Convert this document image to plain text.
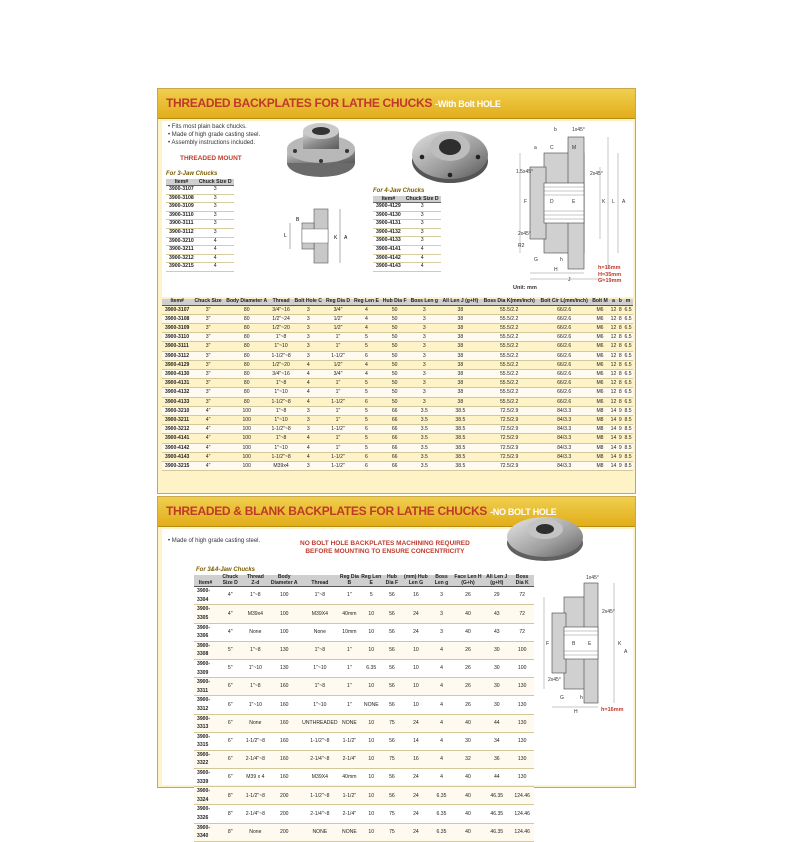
THREADED BACKPLATES FOR LATHE CHUCKS -With Bolt HOLE
• Fits most plain back chucks.
• Made of high grade casting steel.
• Assembly instructions included.
THREADED MOUNT
For 3-Jaw Chucks
Item#	Chuck Size D
3900-3107	3
3900-3108	3
3900-3109	3
3900-3110	3
3900-3111	3
3900-3112	3
3900-3210	4
3900-3211	4
3900-3212	4
3900-3215	4
A
K
L
B
For 4-Jaw Chucks
Item#	Chuck Size D
3900-4129	3
3900-4130	3
3900-4131	3
3900-4132	3
3900-4133	3
3900-4141	4
3900-4142	4
3900-4143	4
b	1x45°
a	C	M
1.5x45°	2x45°
F	D	E	K L A
2x45°
R2
G	h
H
J
h=16mm
H=35mm
G=19mm
Unit: mm
Item#	Chuck Size	Body Diameter A	Thread	Bolt Hole C	Reg Dia D	Reg Len E	Hub Dia F	Boss Len g	All Len J (g+H)	Boss Dia K(mm/inch)	Bolt Cir L(mm/inch)	Bolt M	a	b	m
3900-3107	3"	80	3/4"~16	3	3/4"	4	50	3	38	55.5/2.2	66/2.6	M6	12	8	6.5
3900-3108	3"	80	1/2"~24	3	1/2"	4	50	3	38	55.5/2.2	66/2.6	M6	12	8	6.5
3900-3109	3"	80	1/2"~20	3	1/2"	4	50	3	38	55.5/2.2	66/2.6	M6	12	8	6.5
3900-3110	3"	80	1"~8	3	1"	5	50	3	38	55.5/2.2	66/2.6	M6	12	8	6.5
3900-3111	3"	80	1"~10	3	1"	5	50	3	38	55.5/2.2	66/2.6	M6	12	8	6.5
3900-3112	3"	80	1-1/2"~8	3	1-1/2"	6	50	3	38	55.5/2.2	66/2.6	M6	12	8	6.5
3900-4129	3"	80	1/2"~20	4	1/2"	4	50	3	38	55.5/2.2	66/2.6	M6	12	8	6.5
3900-4130	3"	80	3/4"~16	4	3/4"	4	50	3	38	55.5/2.2	66/2.6	M6	12	8	6.5
3900-4131	3"	80	1"~8	4	1"	5	50	3	38	55.5/2.2	66/2.6	M6	12	8	6.5
3900-4132	3"	80	1"~10	4	1"	5	50	3	38	55.5/2.2	66/2.6	M6	12	8	6.5
3900-4133	3"	80	1-1/2"~8	4	1-1/2"	6	50	3	38	55.5/2.2	66/2.6	M6	12	8	6.5
3900-3210	4"	100	1"~8	3	1"	5	66	3.5	38.5	72.5/2.9	84/3.3	M8	14	9	8.5
3900-3211	4"	100	1"~10	3	1"	5	66	3.5	38.5	72.5/2.9	84/3.3	M8	14	9	8.5
3900-3212	4"	100	1-1/2"~8	3	1-1/2"	6	66	3.5	38.5	72.5/2.9	84/3.3	M8	14	9	8.5
3900-4141	4"	100	1"~8	4	1"	5	66	3.5	38.5	72.5/2.9	84/3.3	M8	14	9	8.5
3900-4142	4"	100	1"~10	4	1"	5	66	3.5	38.5	72.5/2.9	84/3.3	M8	14	9	8.5
3900-4143	4"	100	1-1/2"~8	4	1-1/2"	6	66	3.5	38.5	72.5/2.9	84/3.3	M8	14	9	8.5
3900-3215	4"	100	M39x4	3	1-1/2"	6	66	3.5	38.5	72.5/2.9	84/3.3	M8	14	9	8.5
THREADED & BLANK BACKPLATES FOR LATHE CHUCKS -NO BOLT HOLE
• Made of high grade casting steel.	NO BOLT HOLE BACKPLATES MACHINING REQUIRED
BEFORE MOUNTING TO ENSURE CONCENTRICITY
For 3&4-Jaw Chucks
Item#	Chuck Size D	Thread Z-d	Body Diameter A	Thread	Reg Dia B	Reg Len E	Hub Dia F	(mm) Hub Len G	Boss Len g	Face Len H (G+h)	All Len J (g+H)	Boss Dia K
3900-3304	4"	1"~8	100	1"~8	1"	5	56	16	3	26	29	72
3900-3305	4"	M39x4	100	M39X4	40mm	10	56	24	3	40	43	72
3900-3306	4"	None	100	None	10mm	10	56	24	3	40	43	72
3900-3308	5"	1"~8	130	1"~8	1"	10	56	10	4	26	30	100
3900-3309	5"	1"~10	130	1"~10	1"	6.35	56	10	4	26	30	100
3900-3311	6"	1"~8	160	1"~8	1"	10	56	10	4	26	30	130
3900-3312	6"	1"~10	160	1"~10	1"	NONE	56	10	4	26	30	130
3900-3313	6"	None	160	UNTHREADED	NONE	10	75	24	4	40	44	130
3900-3315	6"	1-1/2"~8	160	1-1/2"~8	1-1/2"	10	56	14	4	30	34	130
3900-3322	6"	2-1/4"~8	160	2-1/4"~8	2-1/4"	10	75	16	4	32	36	130
3900-3339	6"	M39 x 4	160	M39X4	40mm	10	56	24	4	40	44	130
3900-3324	8"	1-1/2"~8	200	1-1/2"~8	1-1/2"	10	56	24	6.35	40	46.35	124.46
3900-3326	8"	2-1/4"~8	200	2-1/4"~8	2-1/4"	10	75	24	6.35	40	46.35	124.46
3900-3340	8"	None	200	NONE	NONE	10	75	24	6.35	40	46.35	124.46
1x45°
2x45°
F	B	E	K
A
2x45°
G	h
H	h=16mm
